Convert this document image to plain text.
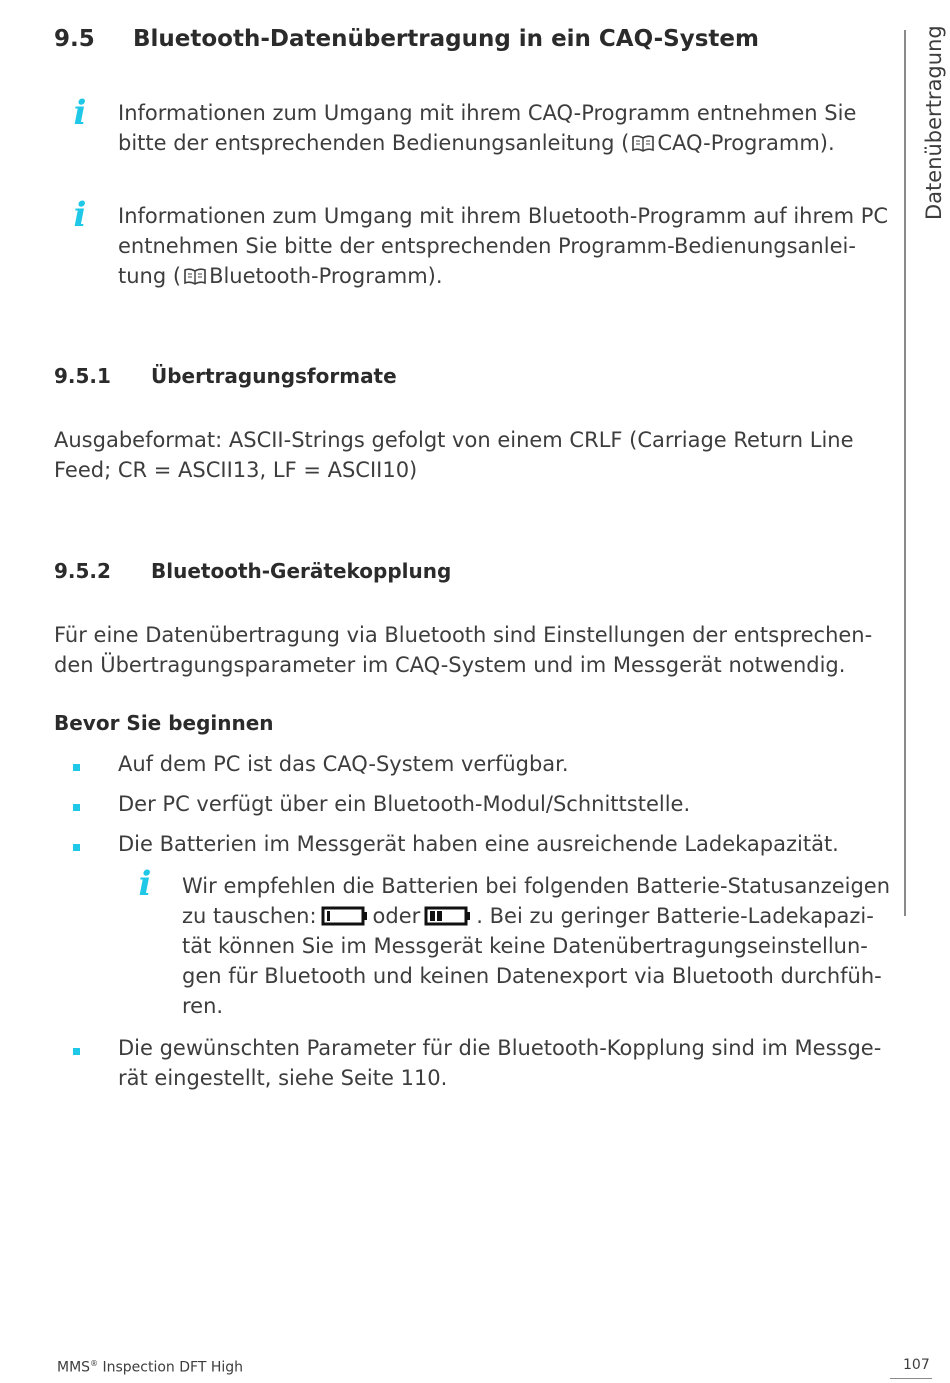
9.5 Bluetooth-Datenübertragung in ein CAQ-System
i Informationen zum Umgang mit ihrem CAQ-Programm entnehmen Sie
bitte der entsprechenden Bedienungsanleitung ( CAQ-Programm).
i Informationen zum Umgang mit ihrem Bluetooth-Programm auf ihrem PC
entnehmen Sie bitte der entsprechenden Programm-Bedienungsanlei-
tung ( Bluetooth-Programm).
9.5.1 Übertragungsformate
Ausgabeformat: ASCII-Strings gefolgt von einem CRLF (Carriage Return Line
Feed; CR = ASCII13, LF = ASCII10)
9.5.2 Bluetooth-Gerätekopplung
Für eine Datenübertragung via Bluetooth sind Einstellungen der entsprechen-
den Übertragungsparameter im CAQ-System und im Messgerät notwendig.
Bevor Sie beginnen
Auf dem PC ist das CAQ-System verfügbar.
Der PC verfügt über ein Bluetooth-Modul/Schnittstelle.
Die Batterien im Messgerät haben eine ausreichende Ladekapazität.
i Wir empfehlen die Batterien bei folgenden Batterie-Statusanzeigen
zu tauschen:	oder	. Bei zu geringer Batterie-Ladekapazi-
tät können Sie im Messgerät keine Datenübertragungseinstellun-
gen für Bluetooth und keinen Datenexport via Bluetooth durchfüh-
ren.
Die gewünschten Parameter für die Bluetooth-Kopplung sind im Messge-
rät eingestellt, siehe Seite 110.
Datenübertragung
MMS® Inspection DFT High	107
